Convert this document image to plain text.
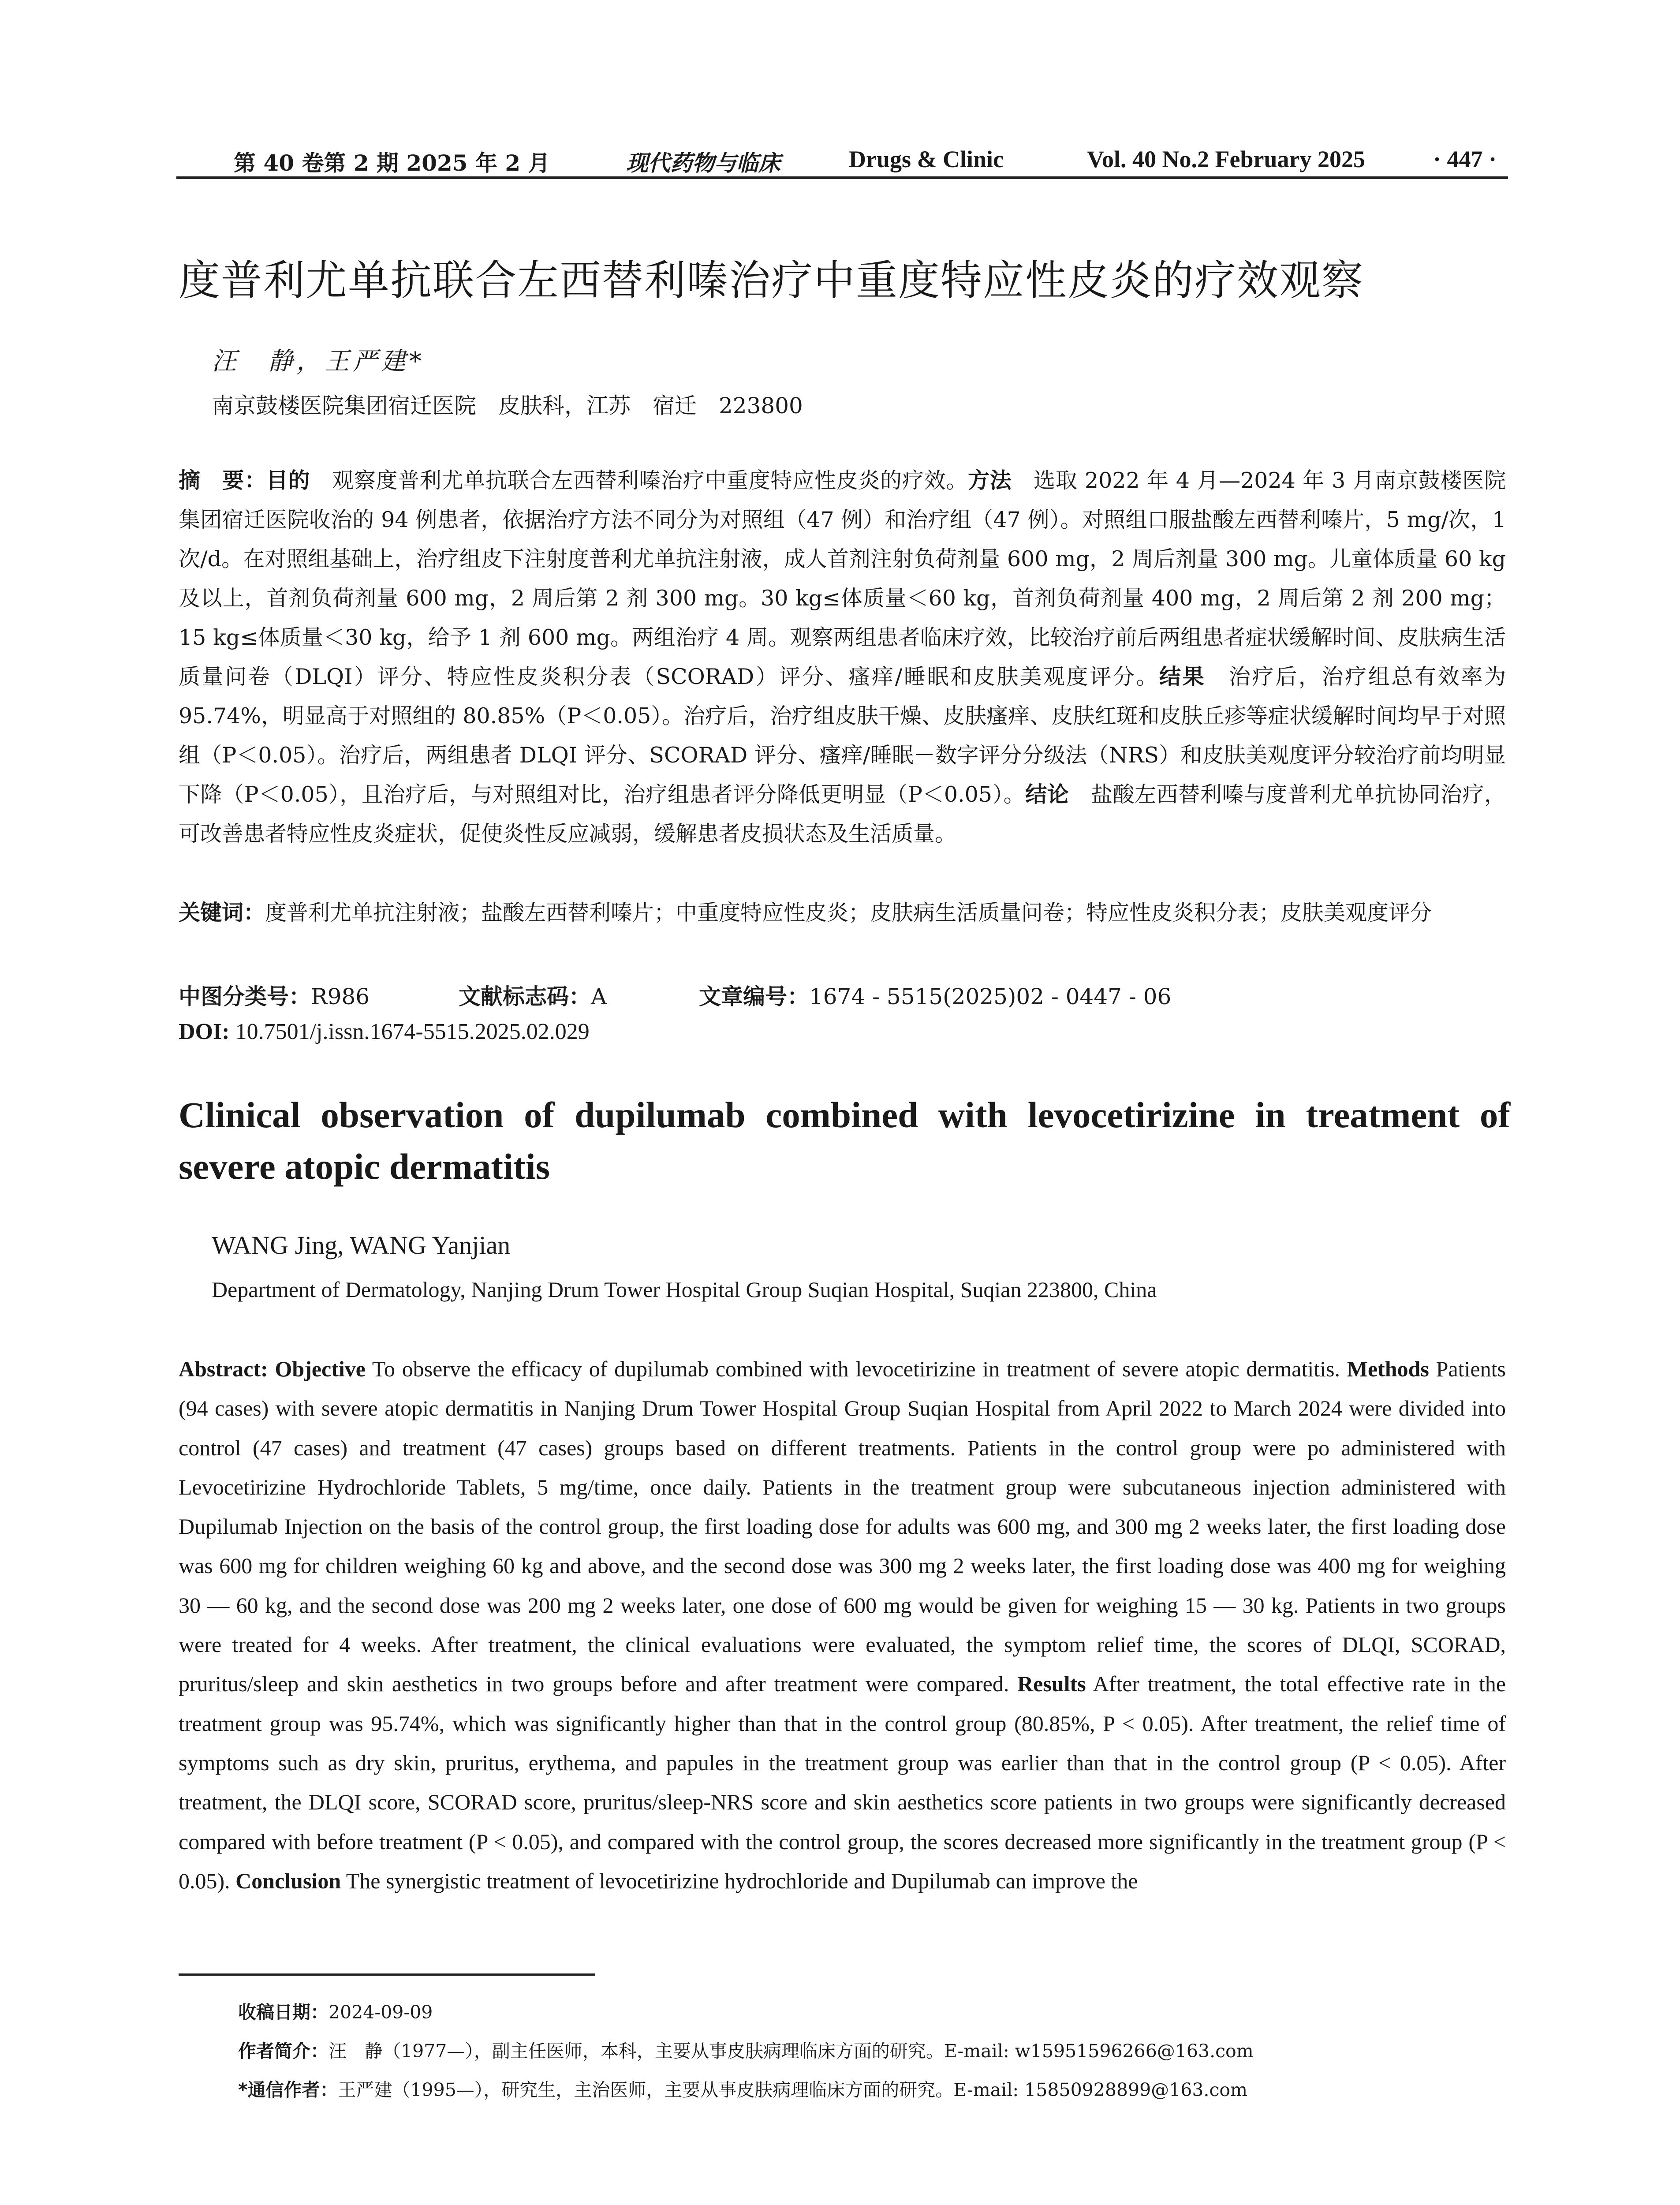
第 40 卷第 2 期 2025 年 2 月	现代药物与临床	Drugs & Clinic	Vol. 40 No.2 February 2025	· 447 ·
度普利尤单抗联合左西替利嗪治疗中重度特应性皮炎的疗效观察
汪　静，王严建*
南京鼓楼医院集团宿迁医院　皮肤科，江苏　宿迁　223800
摘　要：目的　观察度普利尤单抗联合左西替利嗪治疗中重度特应性皮炎的疗效。方法　选取 2022 年 4 月—2024 年 3 月南京鼓楼医院集团宿迁医院收治的 94 例患者，依据治疗方法不同分为对照组（47 例）和治疗组（47 例）。对照组口服盐酸左西替利嗪片，5 mg/次，1 次/d。在对照组基础上，治疗组皮下注射度普利尤单抗注射液，成人首剂注射负荷剂量 600 mg，2 周后剂量 300 mg。儿童体质量 60 kg 及以上，首剂负荷剂量 600 mg，2 周后第 2 剂 300 mg。30 kg≤体质量＜60 kg，首剂负荷剂量 400 mg，2 周后第 2 剂 200 mg；15 kg≤体质量＜30 kg，给予 1 剂 600 mg。两组治疗 4 周。观察两组患者临床疗效，比较治疗前后两组患者症状缓解时间、皮肤病生活质量问卷（DLQI）评分、特应性皮炎积分表（SCORAD）评分、瘙痒/睡眠和皮肤美观度评分。结果　治疗后，治疗组总有效率为 95.74%，明显高于对照组的 80.85%（P＜0.05）。治疗后，治疗组皮肤干燥、皮肤瘙痒、皮肤红斑和皮肤丘疹等症状缓解时间均早于对照组（P＜0.05）。治疗后，两组患者 DLQI 评分、SCORAD 评分、瘙痒/睡眠－数字评分分级法（NRS）和皮肤美观度评分较治疗前均明显下降（P＜0.05），且治疗后，与对照组对比，治疗组患者评分降低更明显（P＜0.05）。结论　盐酸左西替利嗪与度普利尤单抗协同治疗，可改善患者特应性皮炎症状，促使炎性反应减弱，缓解患者皮损状态及生活质量。
关键词：度普利尤单抗注射液；盐酸左西替利嗪片；中重度特应性皮炎；皮肤病生活质量问卷；特应性皮炎积分表；皮肤美观度评分
中图分类号：R986	文献标志码：A	文章编号：1674 - 5515(2025)02 - 0447 - 06
DOI: 10.7501/j.issn.1674-5515.2025.02.029
Clinical observation of dupilumab combined with levocetirizine in treatment of severe atopic dermatitis
WANG Jing, WANG Yanjian
Department of Dermatology, Nanjing Drum Tower Hospital Group Suqian Hospital, Suqian 223800, China
Abstract: Objective To observe the efficacy of dupilumab combined with levocetirizine in treatment of severe atopic dermatitis. Methods Patients (94 cases) with severe atopic dermatitis in Nanjing Drum Tower Hospital Group Suqian Hospital from April 2022 to March 2024 were divided into control (47 cases) and treatment (47 cases) groups based on different treatments. Patients in the control group were po administered with Levocetirizine Hydrochloride Tablets, 5 mg/time, once daily. Patients in the treatment group were subcutaneous injection administered with Dupilumab Injection on the basis of the control group, the first loading dose for adults was 600 mg, and 300 mg 2 weeks later, the first loading dose was 600 mg for children weighing 60 kg and above, and the second dose was 300 mg 2 weeks later, the first loading dose was 400 mg for weighing 30 — 60 kg, and the second dose was 200 mg 2 weeks later, one dose of 600 mg would be given for weighing 15 — 30 kg. Patients in two groups were treated for 4 weeks. After treatment, the clinical evaluations were evaluated, the symptom relief time, the scores of DLQI, SCORAD, pruritus/sleep and skin aesthetics in two groups before and after treatment were compared. Results After treatment, the total effective rate in the treatment group was 95.74%, which was significantly higher than that in the control group (80.85%, P < 0.05). After treatment, the relief time of symptoms such as dry skin, pruritus, erythema, and papules in the treatment group was earlier than that in the control group (P < 0.05). After treatment, the DLQI score, SCORAD score, pruritus/sleep-NRS score and skin aesthetics score patients in two groups were significantly decreased compared with before treatment (P < 0.05), and compared with the control group, the scores decreased more significantly in the treatment group (P < 0.05). Conclusion The synergistic treatment of levocetirizine hydrochloride and Dupilumab can improve the
收稿日期：2024-09-09
作者简介：汪　静（1977—），副主任医师，本科，主要从事皮肤病理临床方面的研究。E-mail: w15951596266@163.com
*通信作者：王严建（1995—），研究生，主治医师，主要从事皮肤病理临床方面的研究。E-mail: 15850928899@163.com
